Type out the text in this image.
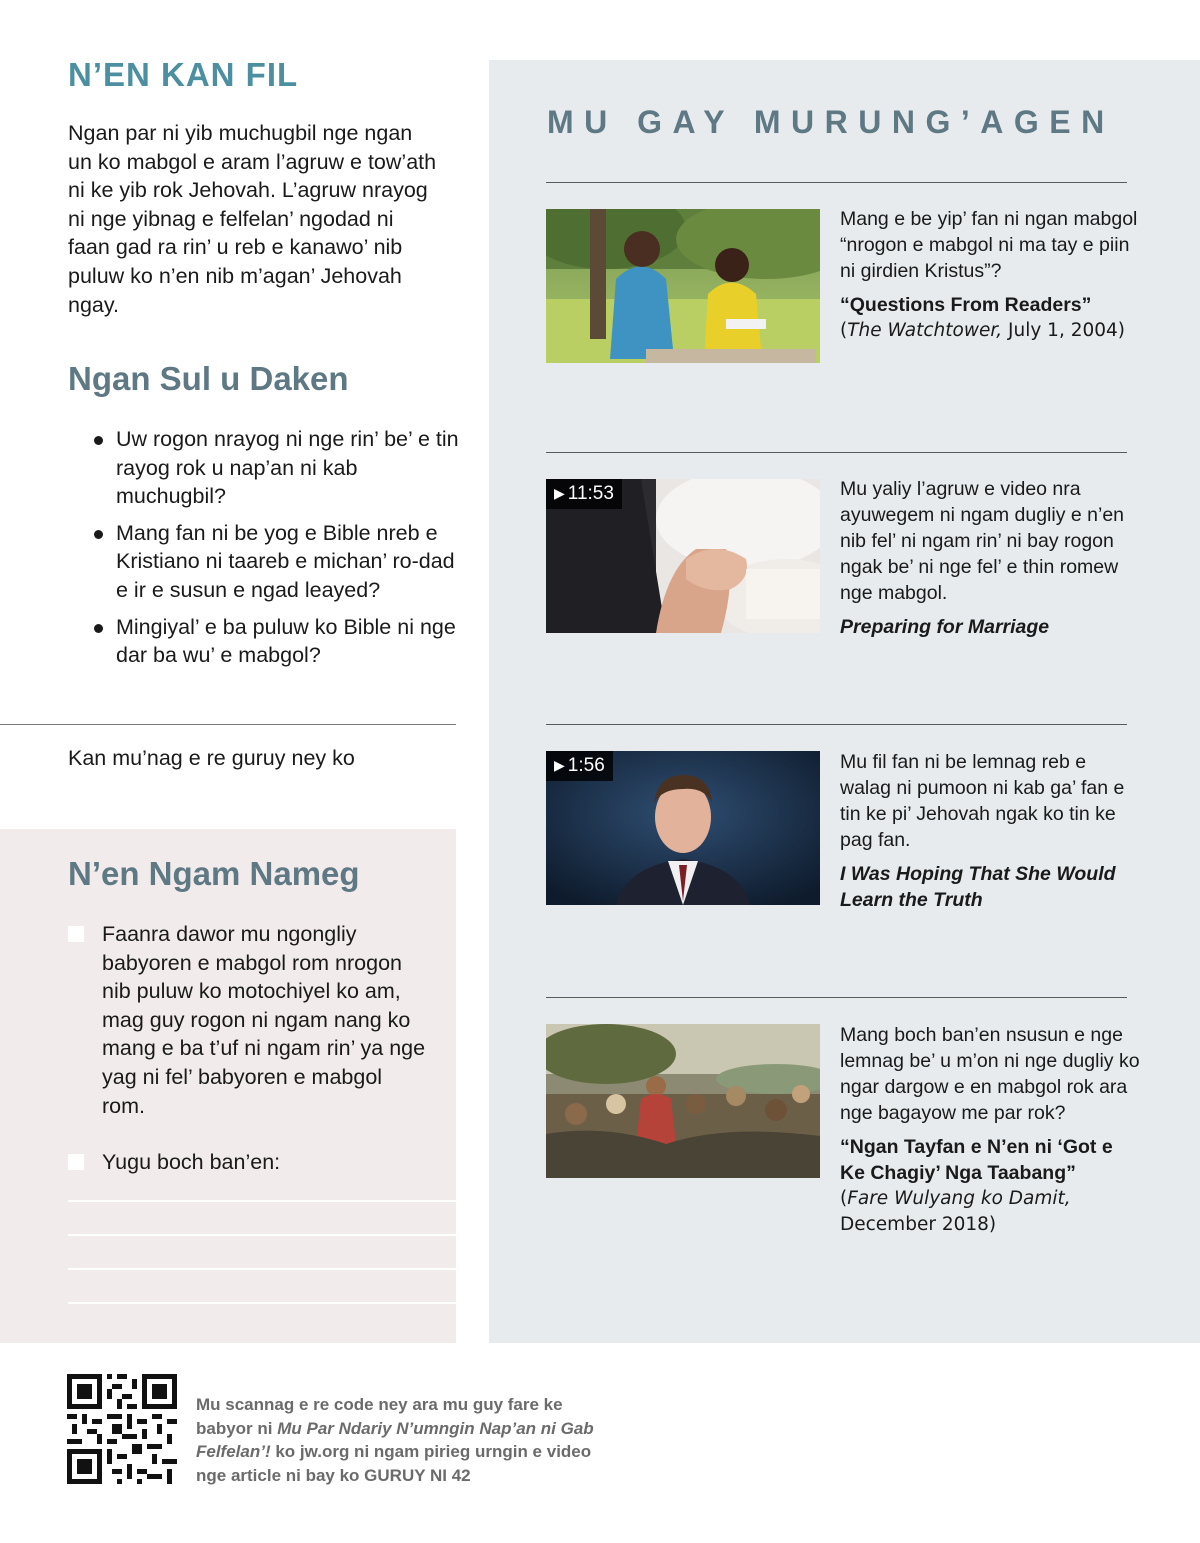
N’EN KAN FIL

Ngan par ni yib muchugbil nge ngan un ko mabgol e aram l’agruw e tow’ath ni ke yib rok Jehovah. L’agruw nrayog ni nge yibnag e felfelan’ ngodad ni faan gad ra rin’ u reb e kanawo’ nib puluw ko n’en nib m’agan’ Jehovah ngay.

Ngan Sul u Daken
Uw rogon nrayog ni nge rin’ be’ e tin rayog rok u nap’an ni kab muchugbil?
Mang fan ni be yog e Bible nreb e Kristiano ni taareb e michan’ ro-dad e ir e susun e ngad leayed?
Mingiyal’ e ba puluw ko Bible ni nge dar ba wu’ e mabgol?

Kan mu’nag e re guruy ney ko

N’en Ngam Nameg

Faanra dawor mu ngongliy babyoren e mabgol rom nrogon nib puluw ko motochiyel ko am, mag guy rogon ni ngam nang ko mang e ba t’uf ni ngam rin’ ya nge yag ni fel’ babyoren e mabgol rom.

Yugu boch ban’en:

MU GAY MURUNG’AGEN

Mang e be yip’ fan ni ngan mabgol “nrogon e mabgol ni ma tay e piin ni girdien Kristus”?

“Questions From Readers”

(The Watchtower, July 1, 2004)

▶ 11:53	Mu yaliy l’agruw e video nra ayuwegem ni ngam dugliy e n’en nib fel’ ni ngam rin’ ni bay rogon ngak be’ ni nge fel’ e thin romew nge mabgol.

Preparing for Marriage

▶ 1:56	Mu fil fan ni be lemnag reb e walag ni pumoon ni kab ga’ fan e tin ke pi’ Jehovah ngak ko tin ke pag fan.

I Was Hoping That She Would Learn the Truth

Mang boch ban’en nsusun e nge lemnag be’ u m’on ni nge dugliy ko ngar dargow e en mabgol rok ara nge bagayow me par rok?

“Ngan Tayfan e N’en ni ‘Got e Ke Chagiy’ Nga Taabang”

(Fare Wulyang ko Damit,
December 2018)

Mu scannag e re code ney ara mu guy fare ke babyor ni Mu Par Ndariy N’umngin Nap’an ni Gab Felfelan’! ko jw.org ni ngam pirieg urngin e video nge article ni bay ko GURUY NI 42
